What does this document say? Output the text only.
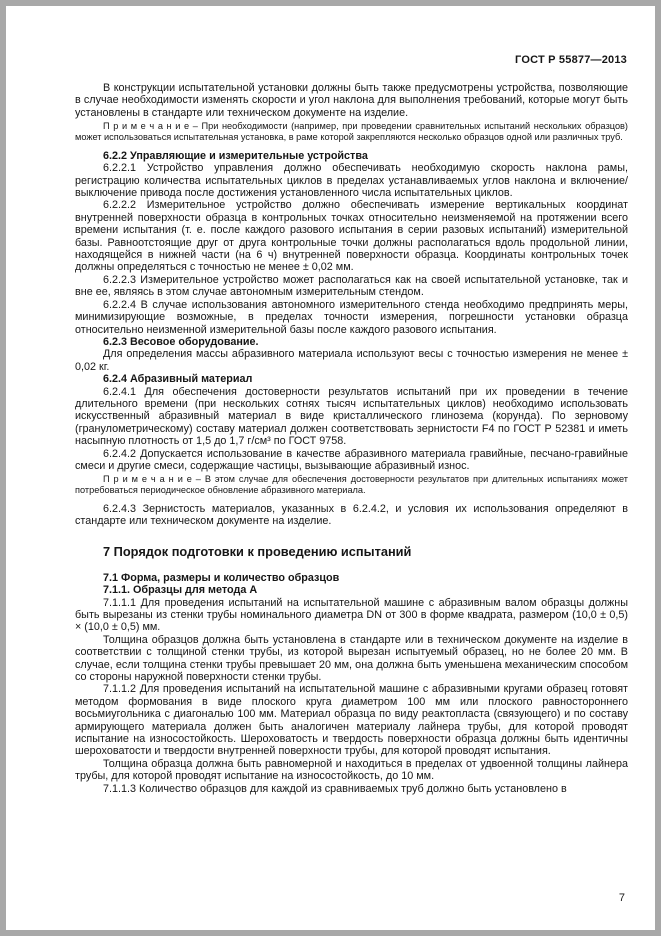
ГОСТ Р 55877—2013
В конструкции испытательной установки должны быть также предусмотрены устройства, позволяющие в случае необходимости изменять скорости и угол наклона для выполнения требований, которые могут быть установлены в стандарте или техническом документе на изделие.
П р и м е ч а н и е – При необходимости (например, при проведении сравнительных испытаний нескольких образцов) может использоваться испытательная установка, в раме которой закрепляются несколько образцов одной или различных труб.
6.2.2 Управляющие и измерительные устройства
6.2.2.1 Устройство управления должно обеспечивать необходимую скорость наклона рамы, регистрацию количества испытательных циклов в пределах устанавливаемых углов наклона и включение/выключение привода после достижения установленного числа испытательных циклов.
6.2.2.2 Измерительное устройство должно обеспечивать измерение вертикальных координат внутренней поверхности образца в контрольных точках относительно неизменяемой на протяжении всего времени испытания (т. е. после каждого разового испытания в серии разовых испытаний) измерительной базы. Равноотстоящие друг от друга контрольные точки должны располагаться вдоль продольной линии, находящейся в нижней части (на 6 ч) внутренней поверхности образца. Координаты контрольных точек должны определяться с точностью не менее ± 0,02 мм.
6.2.2.3 Измерительное устройство может располагаться как на своей испытательной установке, так и вне ее, являясь в этом случае автономным измерительным стендом.
6.2.2.4 В случае использования автономного измерительного стенда необходимо предпринять меры, минимизирующие возможные, в пределах точности измерения, погрешности установки образца относительно неизменной измерительной базы после каждого разового испытания.
6.2.3 Весовое оборудование.
Для определения массы абразивного материала используют весы с точностью измерения не менее ± 0,02 кг.
6.2.4 Абразивный материал
6.2.4.1 Для обеспечения достоверности результатов испытаний при их проведении в течение длительного времени (при нескольких сотнях тысяч испытательных циклов) необходимо использовать искусственный абразивный материал в виде кристаллического глинозема (корунда). По зерновому (гранулометрическому) составу материал должен соответствовать зернистости F4 по ГОСТ Р 52381 и иметь насыпную плотность от 1,5 до 1,7 г/см³ по ГОСТ 9758.
6.2.4.2 Допускается использование в качестве абразивного материала гравийные, песчано-гравийные смеси и другие смеси, содержащие частицы, вызывающие абразивный износ.
П р и м е ч а н и е – В этом случае для обеспечения достоверности результатов при длительных испытаниях может потребоваться периодическое обновление абразивного материала.
6.2.4.3 Зернистость материалов, указанных в 6.2.4.2, и условия их использования определяют в стандарте или техническом документе на изделие.
7 Порядок подготовки к проведению испытаний
7.1 Форма, размеры и количество образцов
7.1.1. Образцы для метода А
7.1.1.1 Для проведения испытаний на испытательной машине с абразивным валом образцы должны быть вырезаны из стенки трубы номинального диаметра DN от 300 в форме квадрата, размером (10,0 ± 0,5) × (10,0 ± 0,5) мм.
Толщина образцов должна быть установлена в стандарте или в техническом документе на изделие в соответствии с толщиной стенки трубы, из которой вырезан испытуемый образец, но не более 20 мм. В случае, если толщина стенки трубы превышает 20 мм, она должна быть уменьшена механическим способом со стороны наружной поверхности стенки трубы.
7.1.1.2 Для проведения испытаний на испытательной машине с абразивными кругами образец готовят методом формования в виде плоского круга диаметром 100 мм или плоского равностороннего восьмиугольника с диагональю 100 мм. Материал образца по виду реактопласта (связующего) и по составу армирующего материала должен быть аналогичен материалу лайнера трубы, для которой проводят испытание на износостойкость. Шероховатость и твердость поверхности образца должны быть идентичны шероховатости и твердости внутренней поверхности трубы, для которой проводят испытания.
Толщина образца должна быть равномерной и находиться в пределах от удвоенной толщины лайнера трубы, для которой проводят испытание на износостойкость, до 10 мм.
7.1.1.3 Количество образцов для каждой из сравниваемых труб должно быть установлено в
7
